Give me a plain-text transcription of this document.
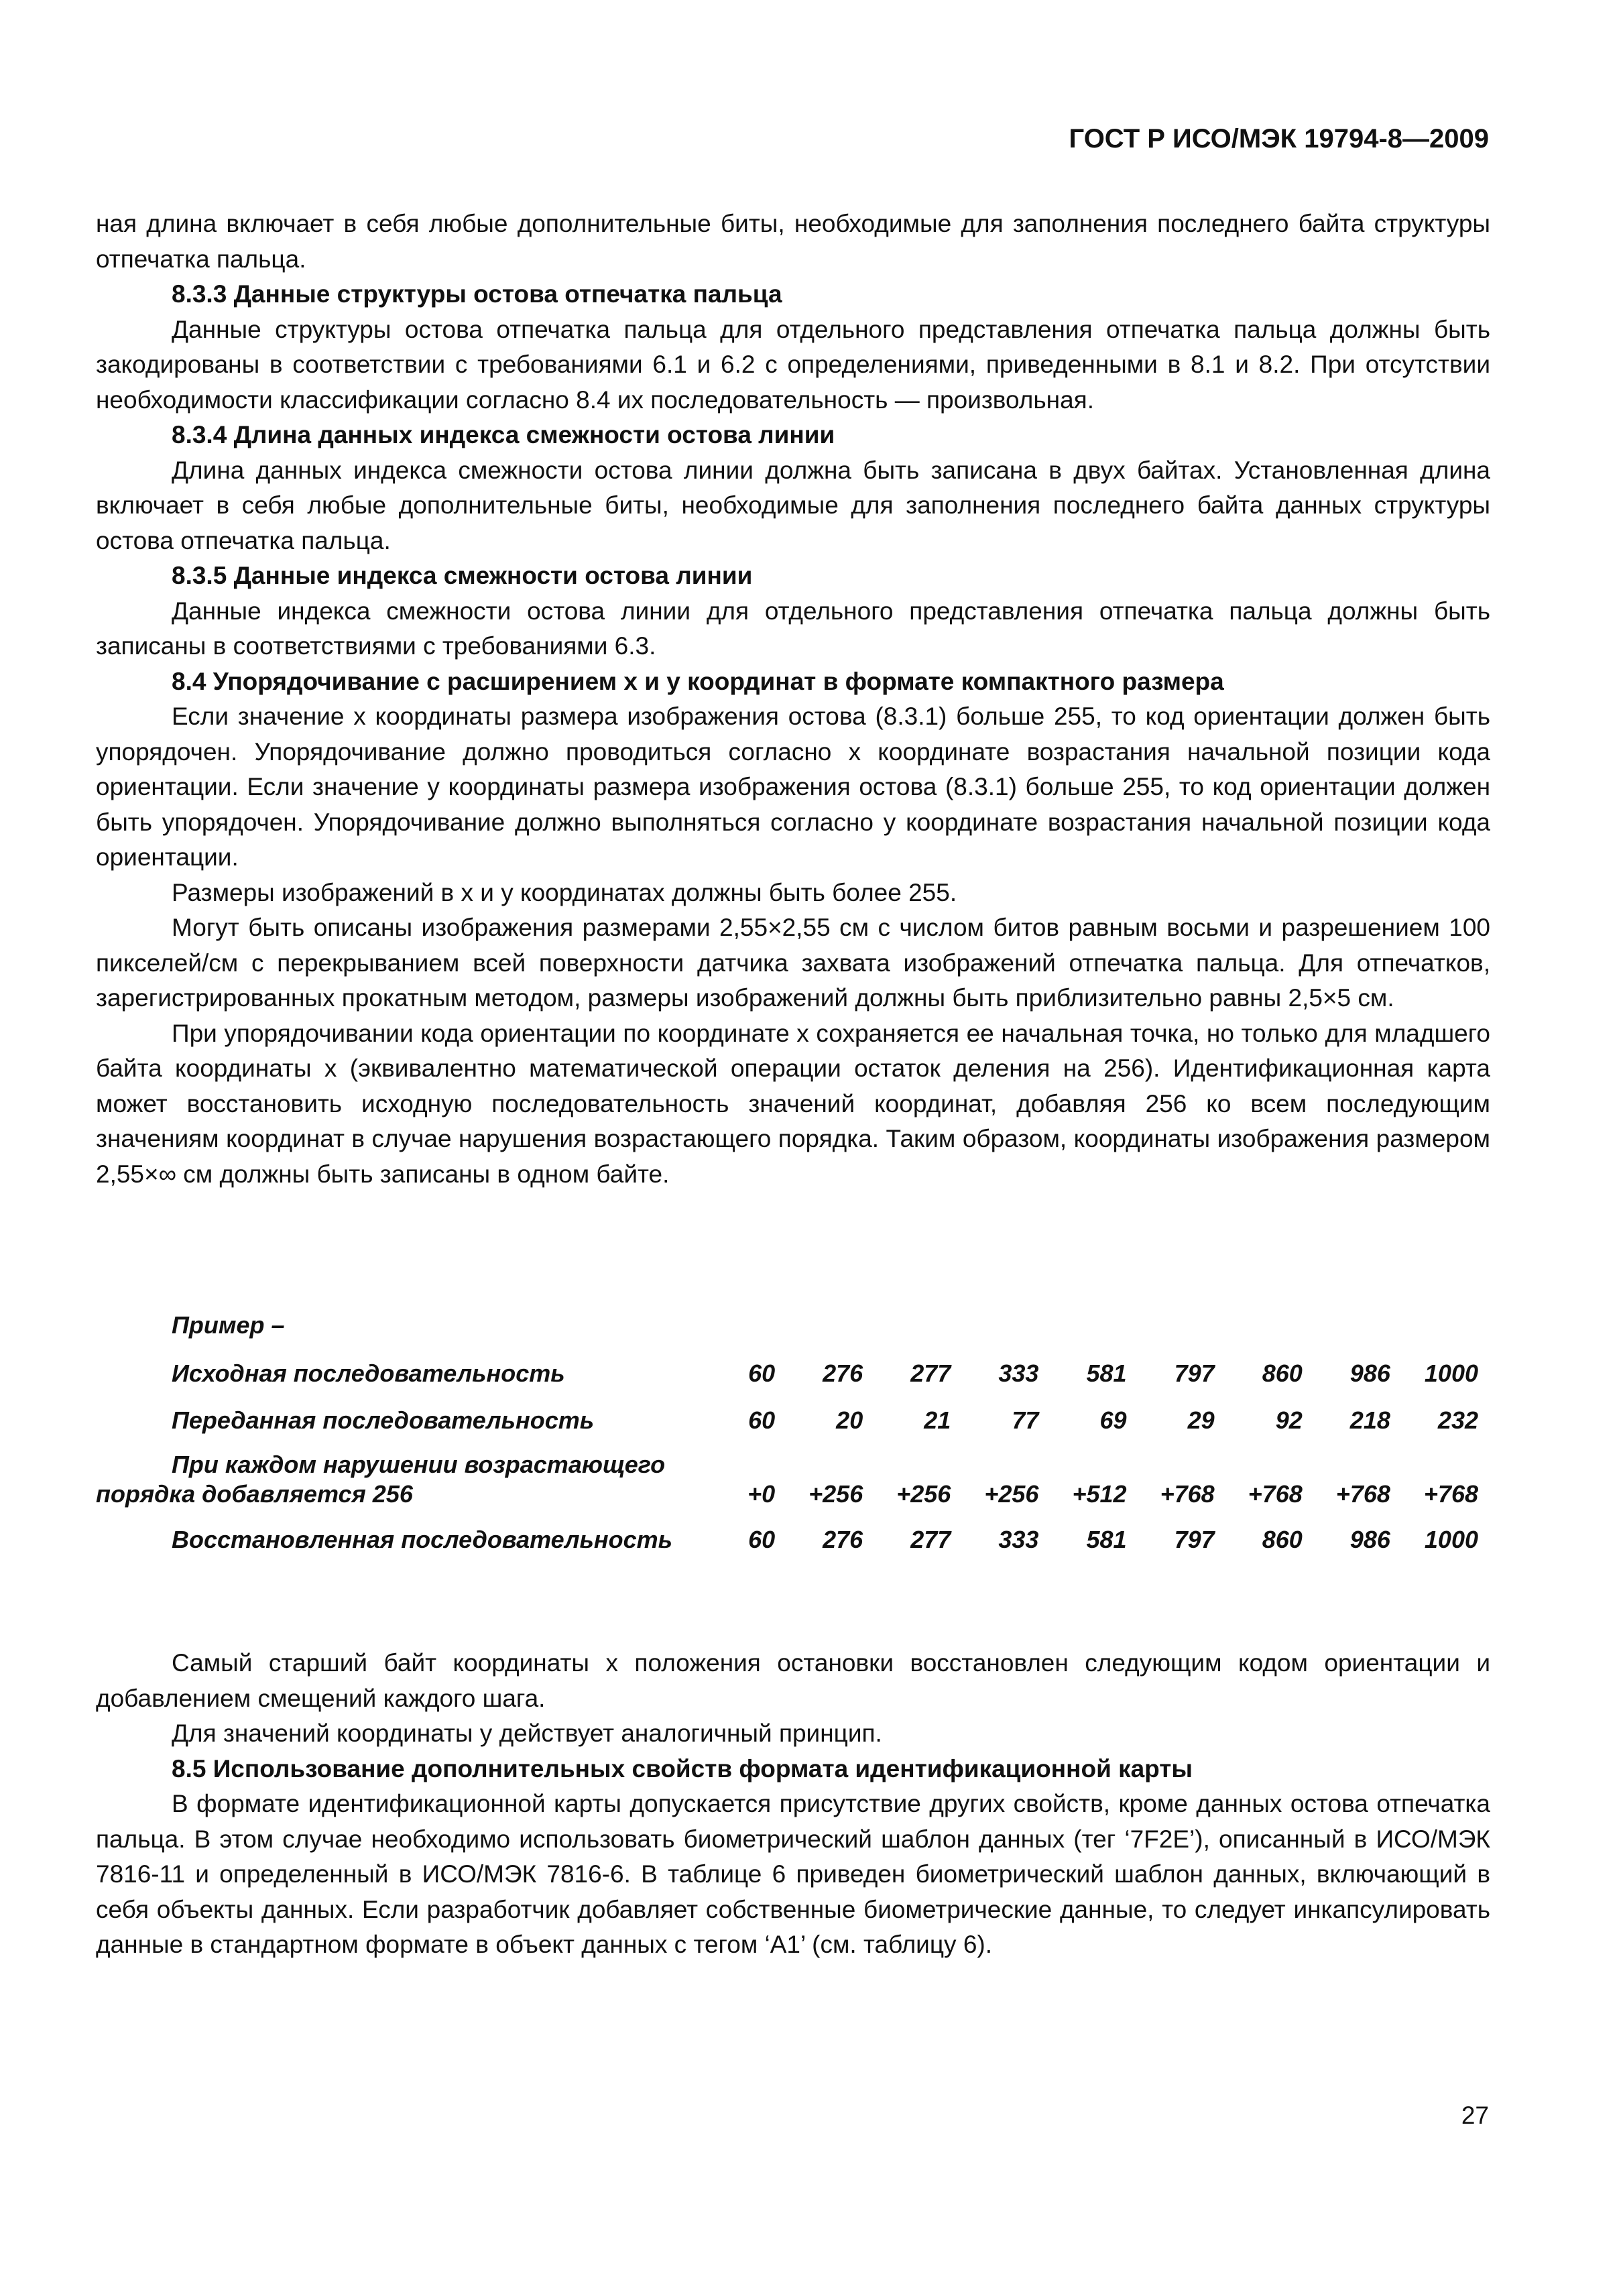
ГОСТ Р ИСО/МЭК 19794-8—2009

ная длина включает в себя любые дополнительные биты, необходимые для заполнения последнего байта структуры отпечатка пальца.

8.3.3 Данные структуры остова отпечатка пальца

Данные структуры остова отпечатка пальца для отдельного представления отпечатка пальца должны быть закодированы в соответствии с требованиями 6.1 и 6.2 с определениями, приведенными в 8.1 и 8.2. При отсутствии необходимости классификации согласно 8.4 их последовательность — произвольная.

8.3.4 Длина данных индекса смежности остова линии

Длина данных индекса смежности остова линии должна быть записана в двух байтах. Установленная длина включает в себя любые дополнительные биты, необходимые для заполнения последнего байта данных структуры остова отпечатка пальца.

8.3.5 Данные индекса смежности остова линии

Данные индекса смежности остова линии для отдельного представления отпечатка пальца должны быть записаны в соответствиями с требованиями 6.3.

8.4 Упорядочивание с расширением x и y координат в формате компактного размера

Если значение x координаты размера изображения остова (8.3.1) больше 255, то код ориентации должен быть упорядочен. Упорядочивание должно проводиться согласно x координате возрастания начальной позиции кода ориентации. Если значение y координаты размера изображения остова (8.3.1) больше 255, то код ориентации должен быть упорядочен. Упорядочивание должно выполняться согласно y координате возрастания начальной позиции кода ориентации.

Размеры изображений в x и y координатах должны быть более 255.

Могут быть описаны изображения размерами 2,55×2,55 см с числом битов равным восьми и разрешением 100 пикселей/см с перекрыванием всей поверхности датчика захвата изображений отпечатка пальца. Для отпечатков, зарегистрированных прокатным методом, размеры изображений должны быть приблизительно равны 2,5×5 см.

При упорядочивании кода ориентации по координате x сохраняется ее начальная точка, но только для младшего байта координаты x (эквивалентно математической операции остаток деления на 256). Идентификационная карта может восстановить исходную последовательность значений координат, добавляя 256 ко всем последующим значениям координат в случае нарушения возрастающего порядка. Таким образом, координаты изображения размером 2,55×∞ см должны быть записаны в одном байте.

Пример –
Исходная последовательность	60	276	277	333	581	797	860	986	1000
Переданная последовательность	60	20	21	77	69	29	92	218	232
При каждом нарушении возрастающего порядка добавляется 256	+0	+256	+256	+256	+512	+768	+768	+768	+768
Восстановленная последовательность	60	276	277	333	581	797	860	986	1000

Самый старший байт координаты x положения остановки восстановлен следующим кодом ориентации и добавлением смещений каждого шага.

Для значений координаты y действует аналогичный принцип.

8.5 Использование дополнительных свойств формата идентификационной карты

В формате идентификационной карты допускается присутствие других свойств, кроме данных остова отпечатка пальца. В этом случае необходимо использовать биометрический шаблон данных (тег ‘7F2E’), описанный в ИСО/МЭК 7816-11 и определенный в ИСО/МЭК 7816-6. В таблице 6 приведен биометрический шаблон данных, включающий в себя объекты данных. Если разработчик добавляет собственные биометрические данные, то следует инкапсулировать данные в стандартном формате в объект данных с тегом ‘A1’ (см. таблицу 6).

27
